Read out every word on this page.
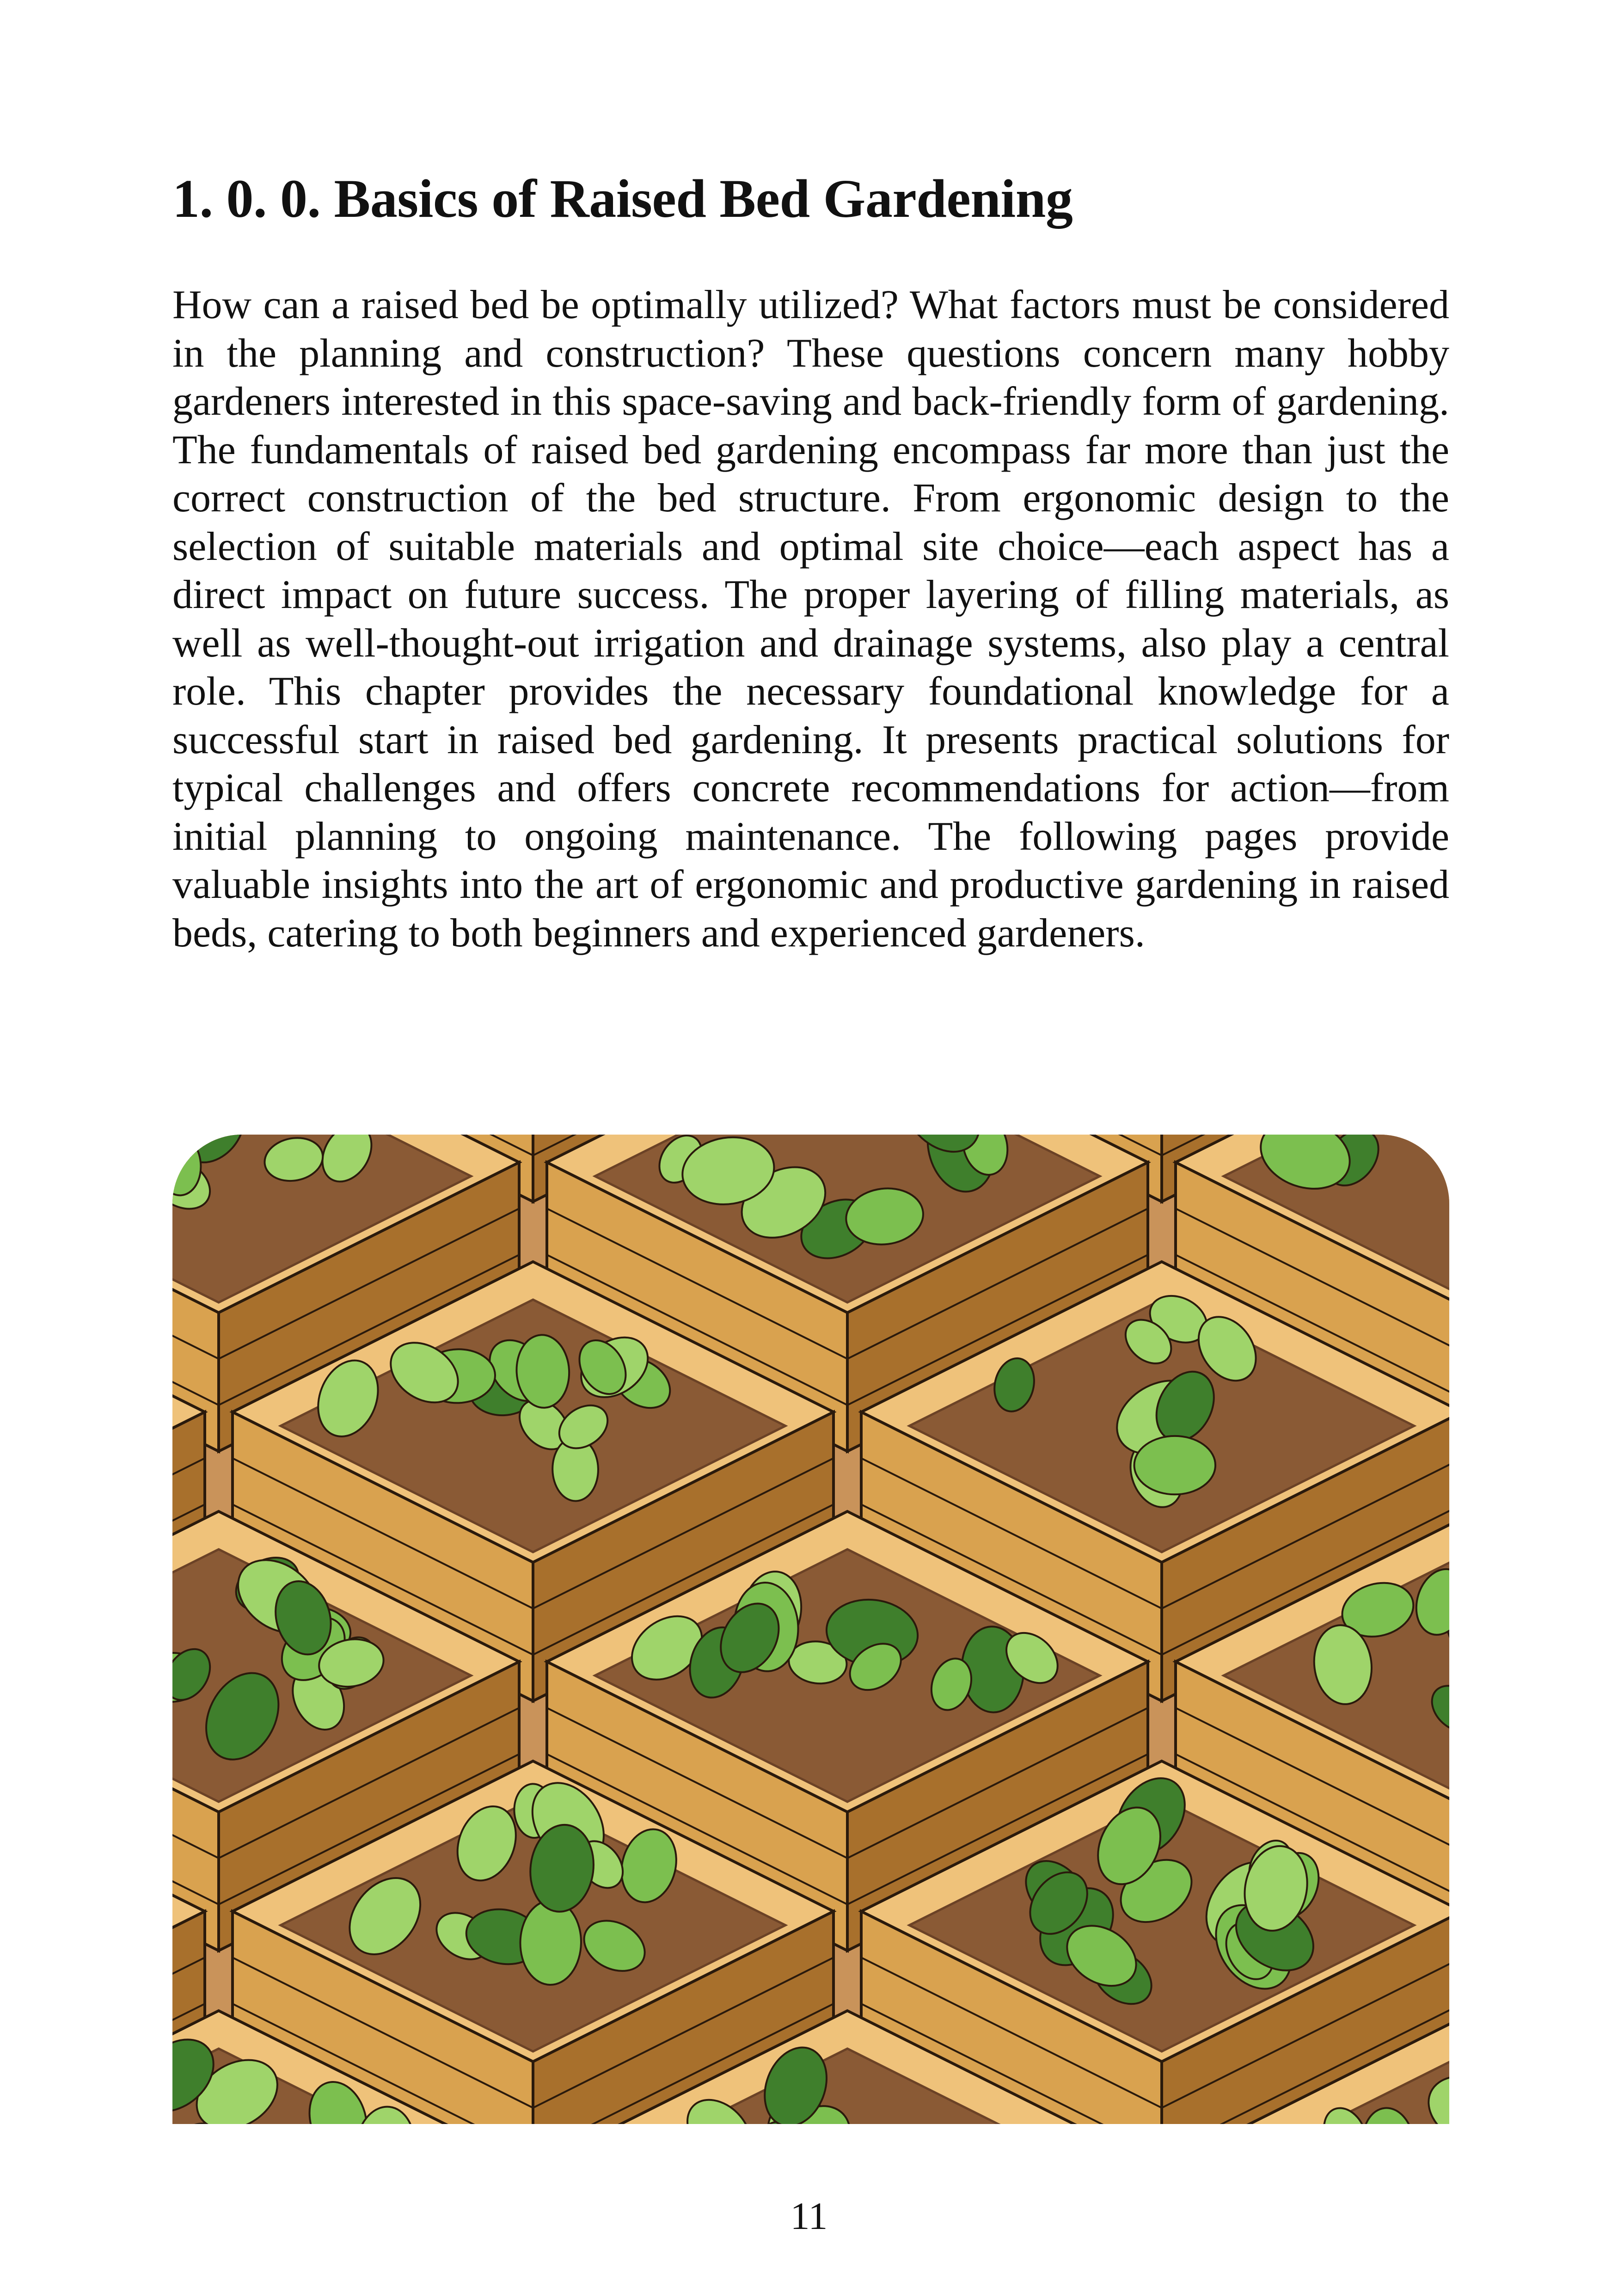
1. 0. 0. Basics of Raised Bed Gardening

How can a raised bed be optimally utilized? What factors must be considered in the planning and construction? These questions concern many hobby gardeners interested in this space-saving and back-friendly form of gardening. The fundamentals of raised bed gardening encompass far more than just the correct construction of the bed structure. From ergonomic design to the selection of suitable materials and optimal site choice—each aspect has a direct impact on future success. The proper layering of filling materials, as well as well-thought-out irrigation and drainage systems, also play a central role. This chapter provides the necessary foundational knowledge for a successful start in raised bed gardening. It presents practical solutions for typical challenges and offers concrete recommendations for action—from initial planning to ongoing maintenance. The following pages provide valuable insights into the art of ergonomic and productive gardening in raised beds, catering to both beginners and experienced gardeners.

11
